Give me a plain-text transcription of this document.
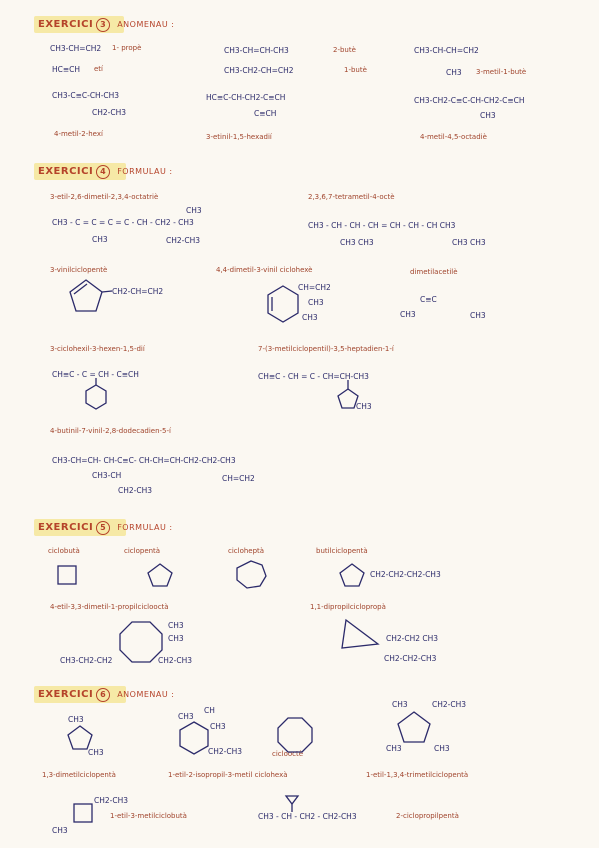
EXERCICI 3 ANOMENAU :
CH3-CH=CH2 1- propè	CH3-CH=CH-CH3	2-butè	CH3-CH-CH=CH2
HC≡CH etí	CH3-CH2-CH=CH2	1-butè	CH3 3-metil-1-butè
CH3-C≡C-CH-CH3
CH2-CH3
HC≡C-CH-CH2-C≡CH
C≡CH
CH3-CH2-C≡C-CH-CH2-C≡CH
CH3
4-metil-2-hexí	3-etinil-1,5-hexadií	4-metil-4,5-octadiè
EXERCICI 4 FORMULAU :
3-etil-2,6-dimetil-2,3,4-octatriè
CH3
CH3 - C = C = C = C - CH - CH2 - CH3
CH3	CH2-CH3
2,3,6,7-tetrametil-4-octè
CH3 - CH - CH - CH = CH - CH - CH CH3
CH3 CH3	CH3 CH3
3-vinilciclopentè
CH2-CH=CH2
4,4-dimetil-3-vinil ciclohexè
CH=CH2
CH3
CH3
dimetilacetilè
C≡C
CH3	CH3
3-ciclohexil-3-hexen-1,5-dií
CH≡C - C = CH - C≡CH
7-(3-metilciclopentil)-3,5-heptadien-1-í
CH≡C - CH = C - CH=CH-CH3
CH3
4-butinil-7-vinil-2,8-dodecadien-5-í
CH3-CH=CH- CH-C≡C- CH-CH=CH-CH2-CH2-CH3
CH3-CH
CH2-CH3
CH=CH2
EXERCICI 5 FORMULAU :
ciclobutà	ciclopentà	cicloheptà	butilciclopentà
CH2-CH2-CH2-CH3
4-etil-3,3-dimetil-1-propilciclooctà
CH3
CH3
CH3-CH2-CH2	CH2-CH3
1,1-dipropilciclopropà
CH2-CH2 CH3
CH2-CH2-CH3
EXERCICI 6 ANOMENAU :
CH3
CH3
1,3-dimetilciclopentà
CH3
CH
CH3
CH2-CH3
1-etil-2-isopropil-3-metil ciclohexà
ciclooctè
CH3	CH2-CH3
CH3	CH3
1-etil-1,3,4-trimetilciclopentà
CH2-CH3
CH3
1-etil-3-metilciclobutà	CH3 - CH - CH2 - CH2-CH3	2-ciclopropilpentà
